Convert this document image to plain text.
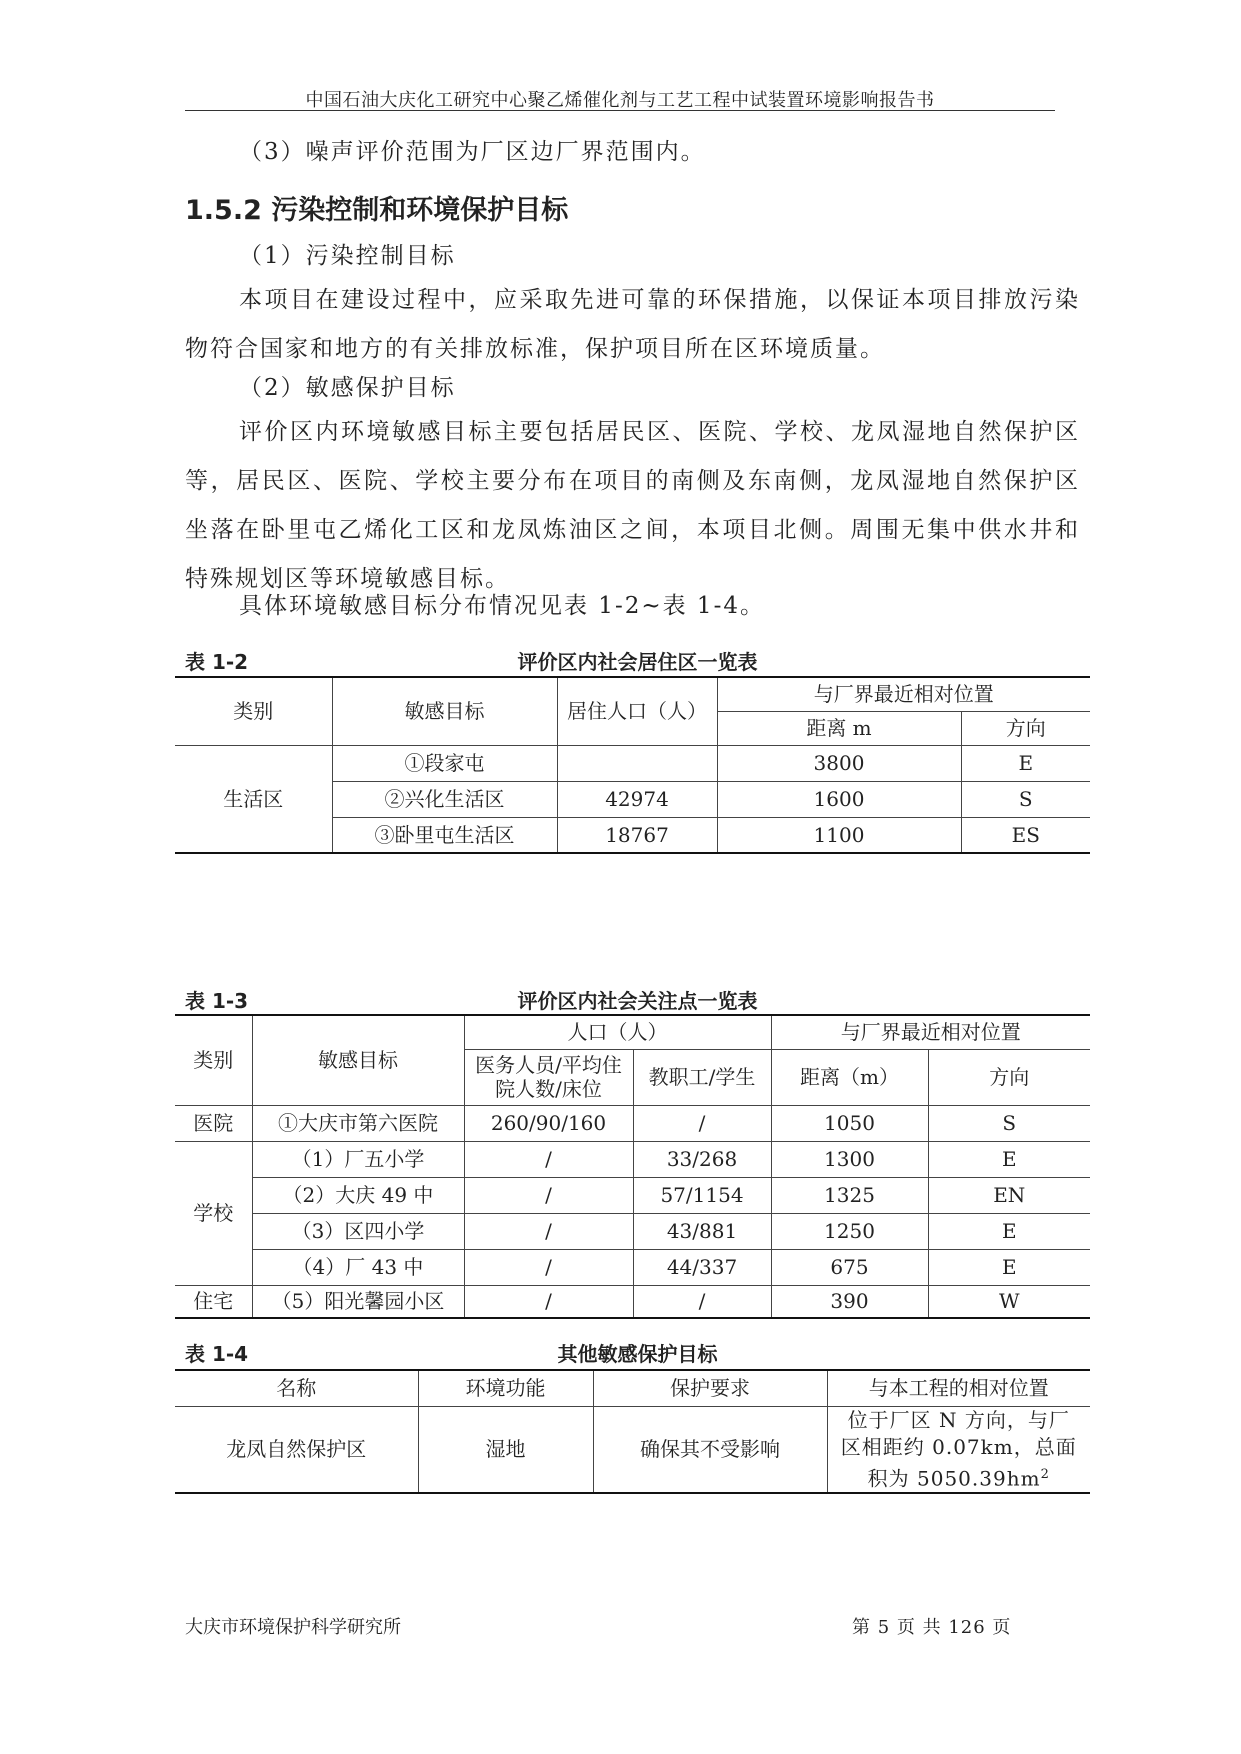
中国石油大庆化工研究中心聚乙烯催化剂与工艺工程中试装置环境影响报告书
（3）噪声评价范围为厂区边厂界范围内。
1.5.2 污染控制和环境保护目标
（1）污染控制目标
本项目在建设过程中，应采取先进可靠的环保措施，以保证本项目排放污染物符合国家和地方的有关排放标准，保护项目所在区环境质量。
（2）敏感保护目标
评价区内环境敏感目标主要包括居民区、医院、学校、龙凤湿地自然保护区等，居民区、医院、学校主要分布在项目的南侧及东南侧，龙凤湿地自然保护区坐落在卧里屯乙烯化工区和龙凤炼油区之间，本项目北侧。周围无集中供水井和特殊规划区等环境敏感目标。
具体环境敏感目标分布情况见表 1-2~表 1-4。
表 1-2	评价区内社会居住区一览表
类别	敏感目标	居住人口（人）	与厂界最近相对位置	
			距离 m	方向
生活区	①段家屯		3800	E
	②兴化生活区	42974	1600	S
	③卧里屯生活区	18767	1100	ES
表 1-3	评价区内社会关注点一览表
类别	敏感目标	人口（人）		与厂界最近相对位置	
		医务人员/平均住院人数/床位	教职工/学生	距离（m）	方向
医院	①大庆市第六医院	260/90/160	/	1050	S
学校	（1）厂五小学	/	33/268	1300	E
	（2）大庆 49 中	/	57/1154	1325	EN
	（3）区四小学	/	43/881	1250	E
	（4）厂 43 中	/	44/337	675	E
住宅	（5）阳光馨园小区	/	/	390	W
表 1-4	其他敏感保护目标
名称	环境功能	保护要求	与本工程的相对位置
龙凤自然保护区	湿地	确保其不受影响	位于厂区 N 方向，与厂
区相距约 0.07km，总面
积为 $5050.39hm^2$
大庆市环境保护科学研究所	第 5 页 共 126 页
